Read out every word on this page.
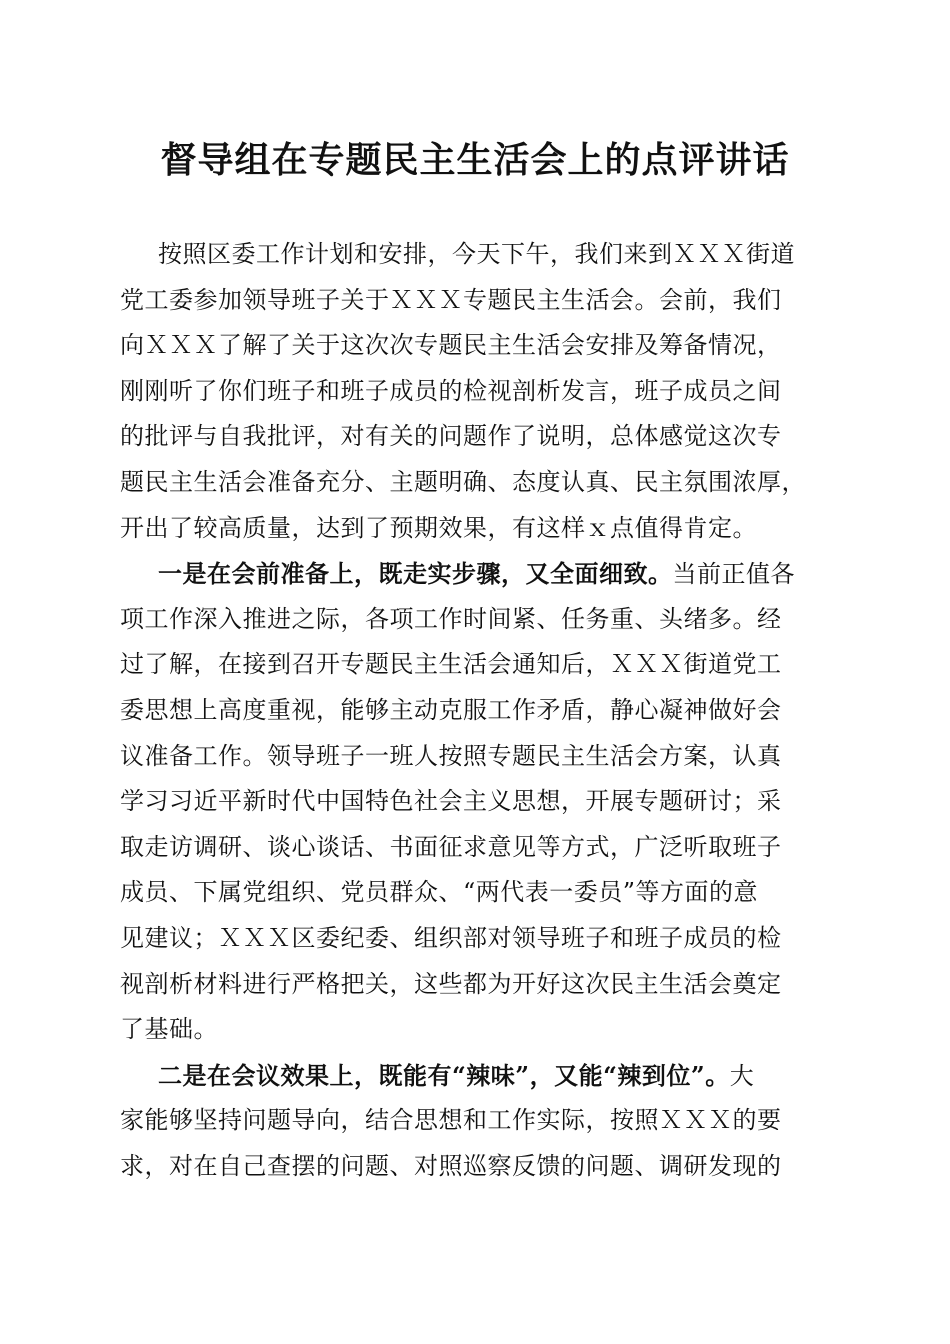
督导组在专题民主生活会上的点评讲话
按照区委工作计划和安排，今天下午，我们来到ＸＸＸ街道
党工委参加领导班子关于ＸＸＸ专题民主生活会。会前，我们
向ＸＸＸ了解了关于这次次专题民主生活会安排及筹备情况，
刚刚听了你们班子和班子成员的检视剖析发言，班子成员之间
的批评与自我批评，对有关的问题作了说明，总体感觉这次专
题民主生活会准备充分、主题明确、态度认真、民主氛围浓厚，
开出了较高质量，达到了预期效果，有这样ｘ点值得肯定。
一是在会前准备上，既走实步骤，又全面细致。当前正值各
项工作深入推进之际，各项工作时间紧、任务重、头绪多。经
过了解，在接到召开专题民主生活会通知后，ＸＸＸ街道党工
委思想上高度重视，能够主动克服工作矛盾，静心凝神做好会
议准备工作。领导班子一班人按照专题民主生活会方案，认真
学习习近平新时代中国特色社会主义思想，开展专题研讨；采
取走访调研、谈心谈话、书面征求意见等方式，广泛听取班子
成员、下属党组织、党员群众、“两代表一委员”等方面的意
见建议；ＸＸＸ区委纪委、组织部对领导班子和班子成员的检
视剖析材料进行严格把关，这些都为开好这次民主生活会奠定
了基础。
二是在会议效果上，既能有“辣味”，又能“辣到位”。大
家能够坚持问题导向，结合思想和工作实际，按照ＸＸＸ的要
求，对在自己查摆的问题、对照巡察反馈的问题、调研发现的
